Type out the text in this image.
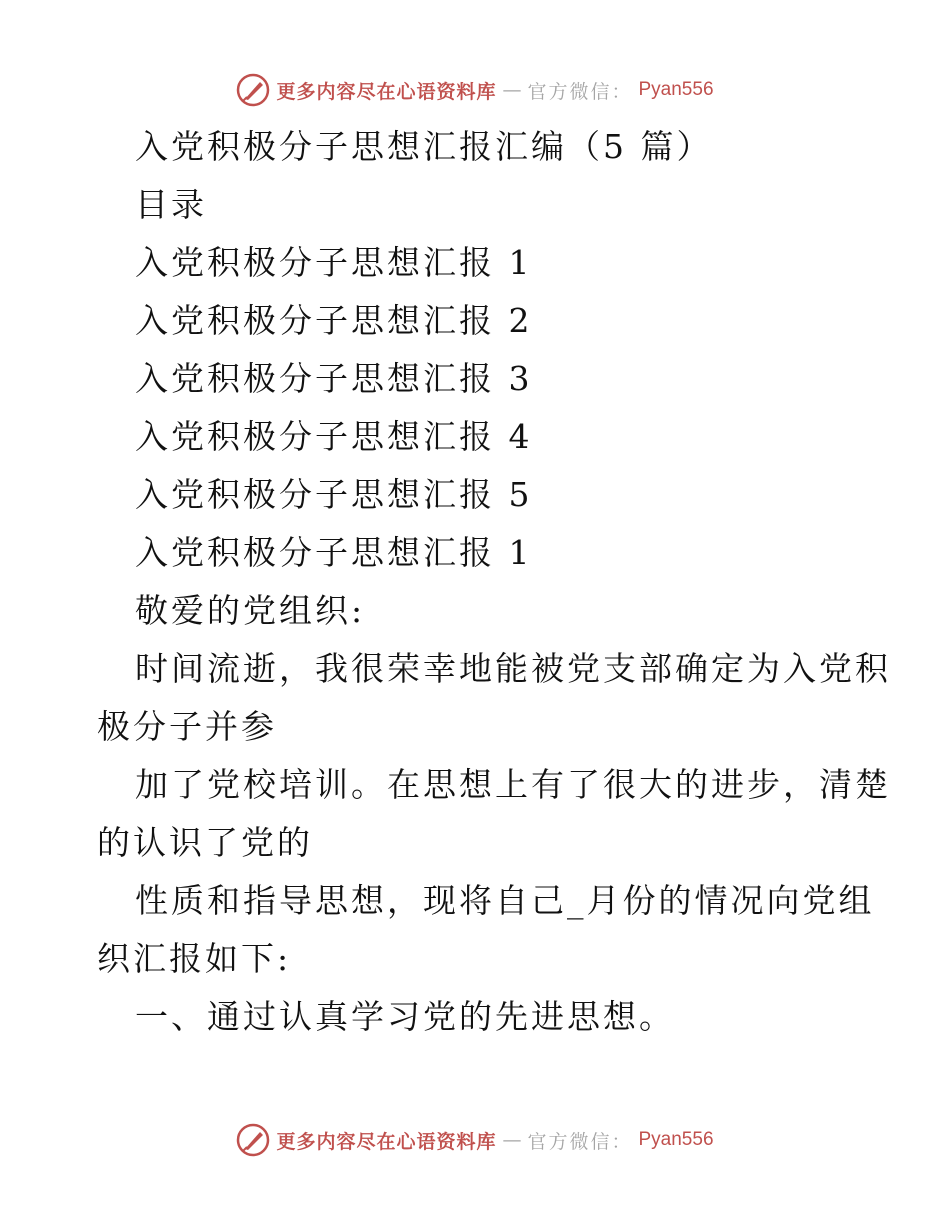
更多内容尽在心语资料库 — 官方微信： Pyan556
入党积极分子思想汇报汇编（5 篇）
目录
入党积极分子思想汇报 1
入党积极分子思想汇报 2
入党积极分子思想汇报 3
入党积极分子思想汇报 4
入党积极分子思想汇报 5
入党积极分子思想汇报 1
敬爱的党组织:
时间流逝，我很荣幸地能被党支部确定为入党积
极分子并参
加了党校培训。在思想上有了很大的进步，清楚
的认识了党的
性质和指导思想，现将自己_月份的情况向党组
织汇报如下:
一、通过认真学习党的先进思想。
更多内容尽在心语资料库 — 官方微信： Pyan556
